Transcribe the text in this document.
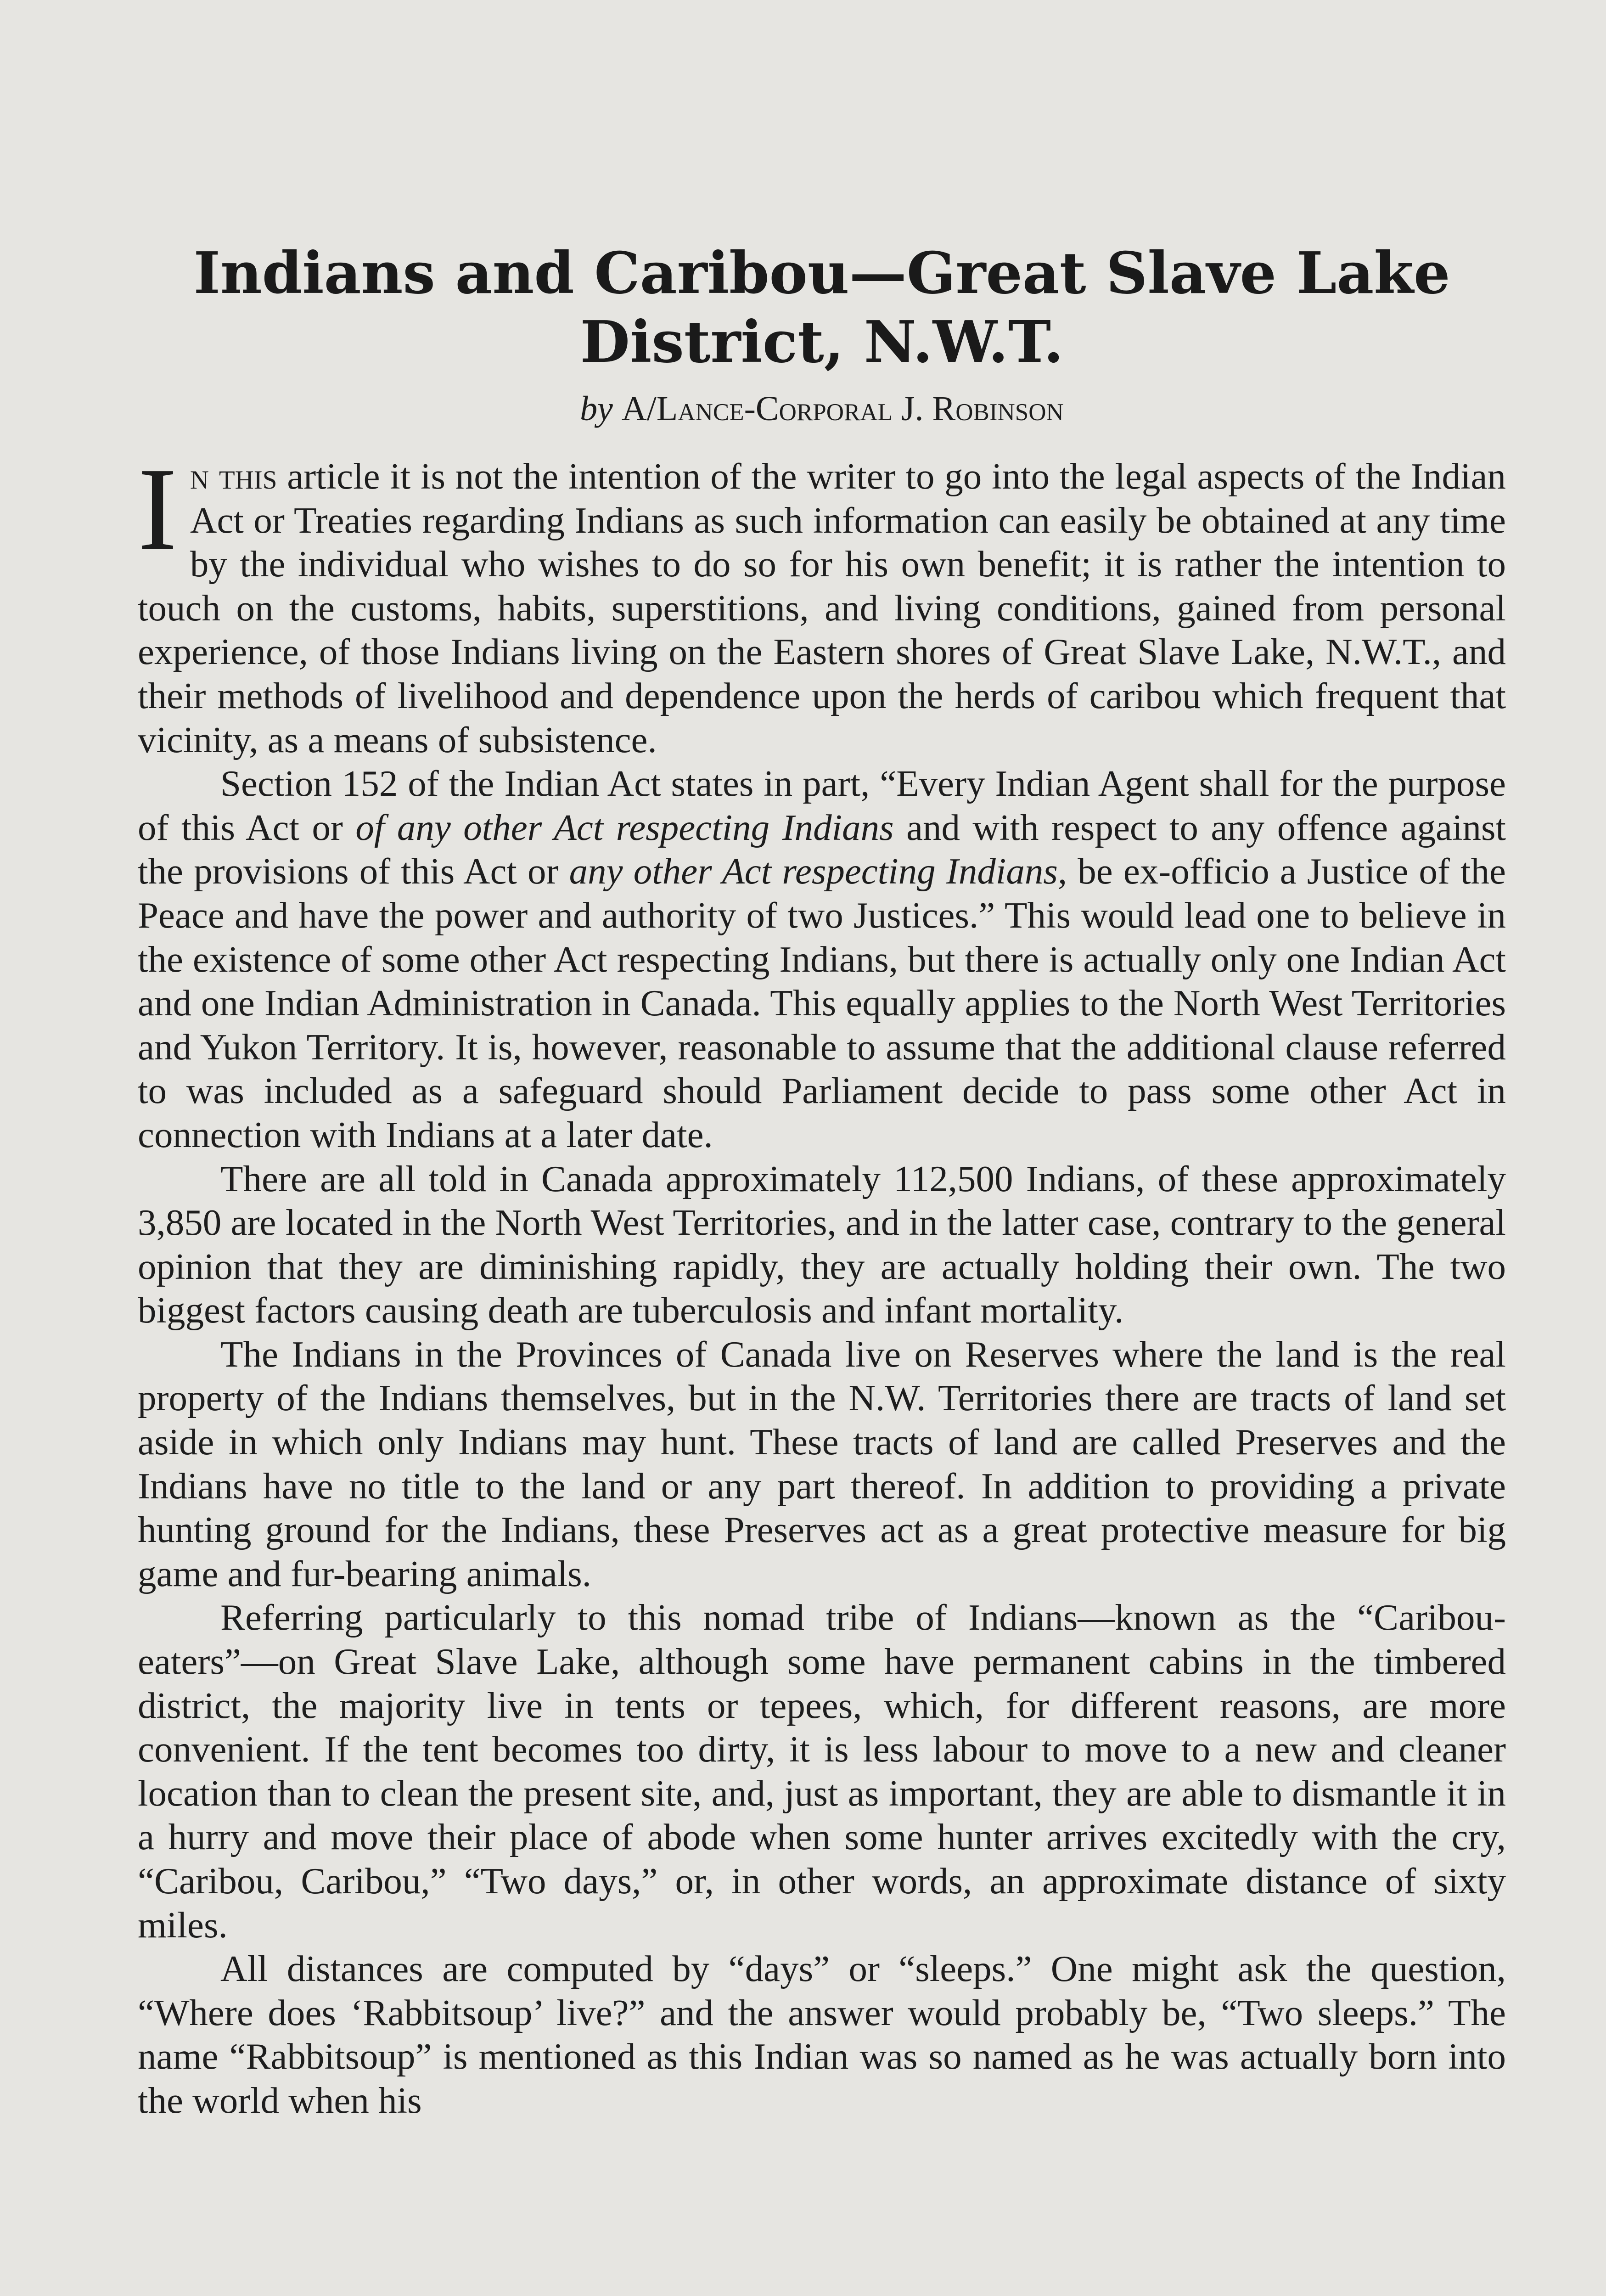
Indians and Caribou—Great Slave Lake
District, N.W.T.
by A/Lance-Corporal J. Robinson

In this article it is not the intention of the writer to go into the legal aspects of the Indian Act or Treaties regarding Indians as such information can easily be obtained at any time by the individual who wishes to do so for his own benefit; it is rather the intention to touch on the customs, habits, superstitions, and living conditions, gained from personal experience, of those Indians living on the Eastern shores of Great Slave Lake, N.W.T., and their methods of livelihood and dependence upon the herds of caribou which frequent that vicinity, as a means of subsistence.

Section 152 of the Indian Act states in part, “Every Indian Agent shall for the purpose of this Act or of any other Act respecting Indians and with respect to any offence against the provisions of this Act or any other Act respecting Indians, be ex-officio a Justice of the Peace and have the power and authority of two Justices.” This would lead one to believe in the existence of some other Act respecting Indians, but there is actually only one Indian Act and one Indian Administration in Canada. This equally applies to the North West Territories and Yukon Territory. It is, however, reasonable to assume that the additional clause referred to was included as a safeguard should Parliament decide to pass some other Act in connection with Indians at a later date.

There are all told in Canada approximately 112,500 Indians, of these approximately 3,850 are located in the North West Territories, and in the latter case, contrary to the general opinion that they are diminishing rapidly, they are actually holding their own. The two biggest factors causing death are tuberculosis and infant mortality.

The Indians in the Provinces of Canada live on Reserves where the land is the real property of the Indians themselves, but in the N.W. Territories there are tracts of land set aside in which only Indians may hunt. These tracts of land are called Preserves and the Indians have no title to the land or any part thereof. In addition to providing a private hunting ground for the Indians, these Preserves act as a great protective measure for big game and fur-bearing animals.

Referring particularly to this nomad tribe of Indians—known as the “Caribou-eaters”—on Great Slave Lake, although some have permanent cabins in the timbered district, the majority live in tents or tepees, which, for different reasons, are more convenient. If the tent becomes too dirty, it is less labour to move to a new and cleaner location than to clean the present site, and, just as important, they are able to dismantle it in a hurry and move their place of abode when some hunter arrives excitedly with the cry, “Caribou, Caribou,” “Two days,” or, in other words, an approximate distance of sixty miles.

All distances are computed by “days” or “sleeps.” One might ask the question, “Where does ‘Rabbitsoup’ live?” and the answer would probably be, “Two sleeps.” The name “Rabbitsoup” is mentioned as this Indian was so named as he was actually born into the world when his
